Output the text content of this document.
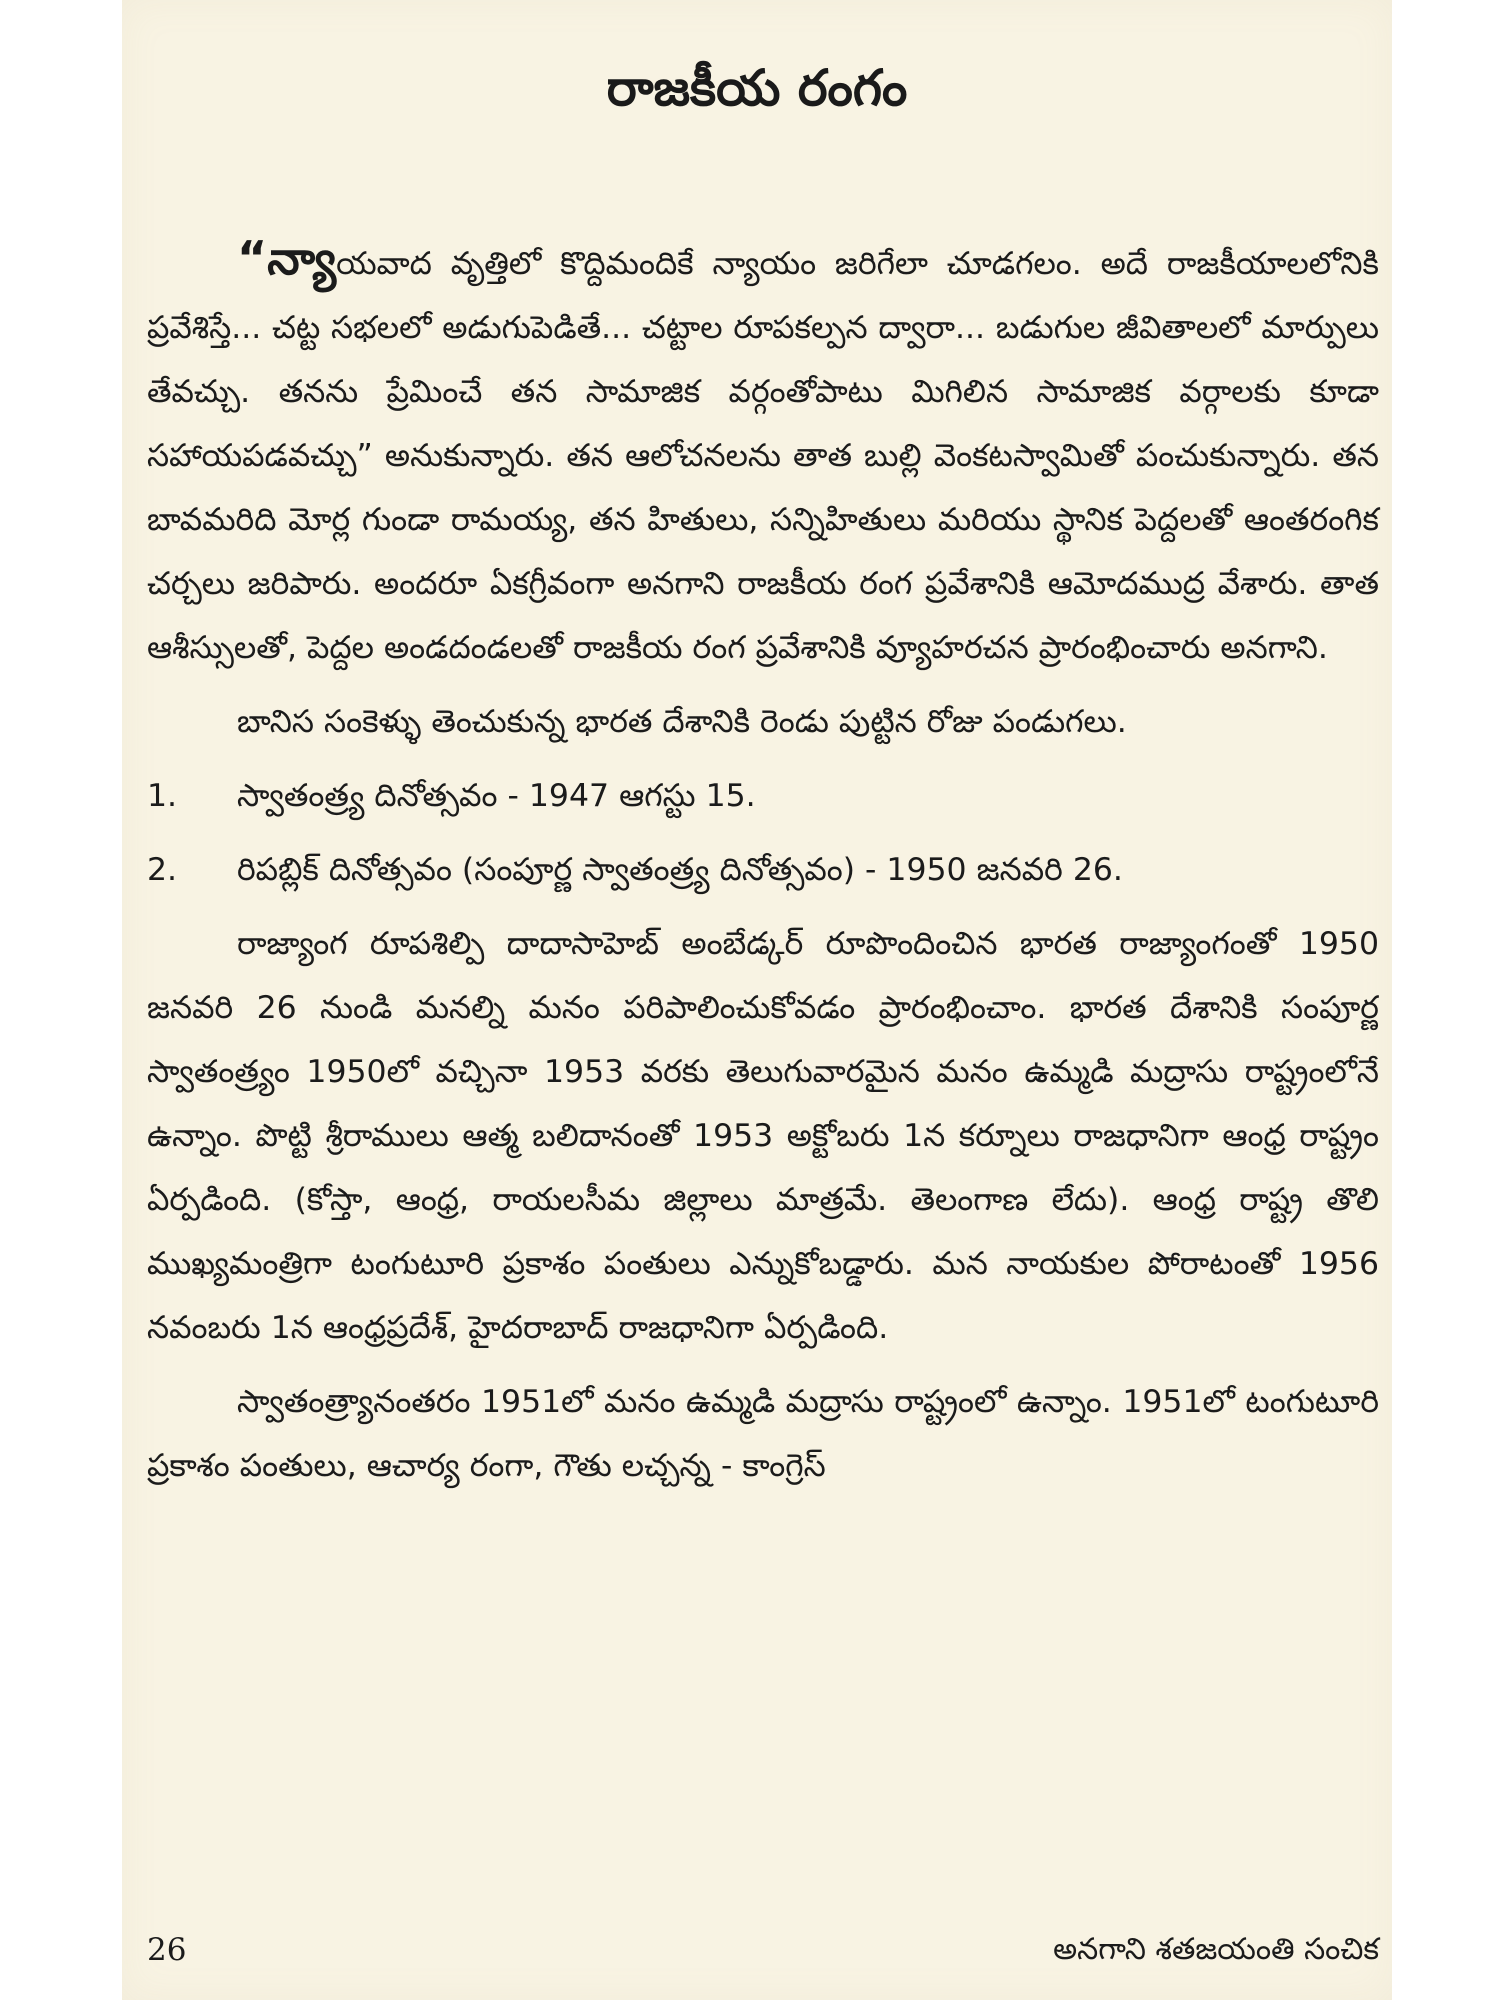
రాజకీయ రంగం

“న్యాయవాద వృత్తిలో కొద్దిమందికే న్యాయం జరిగేలా చూడగలం. అదే రాజకీయాలలోనికి ప్రవేశిస్తే... చట్ట సభలలో అడుగుపెడితే... చట్టాల రూపకల్పన ద్వారా... బడుగుల జీవితాలలో మార్పులు తేవచ్చు. తనను ప్రేమించే తన సామాజిక వర్గంతోపాటు మిగిలిన సామాజిక వర్గాలకు కూడా సహాయపడవచ్చు” అనుకున్నారు. తన ఆలోచనలను తాత బుల్లి వెంకటస్వామితో పంచుకున్నారు. తన బావమరిది మోర్ల గుండా రామయ్య, తన హితులు, సన్నిహితులు మరియు స్థానిక పెద్దలతో ఆంతరంగిక చర్చలు జరిపారు. అందరూ ఏకగ్రీవంగా అనగాని రాజకీయ రంగ ప్రవేశానికి ఆమోదముద్ర వేశారు. తాత ఆశీస్సులతో, పెద్దల అండదండలతో రాజకీయ రంగ ప్రవేశానికి వ్యూహరచన ప్రారంభించారు అనగాని.

బానిస సంకెళ్ళు తెంచుకున్న భారత దేశానికి రెండు పుట్టిన రోజు పండుగలు.

1.	స్వాతంత్ర్య దినోత్సవం - 1947 ఆగస్టు 15.
2.	రిపబ్లిక్ దినోత్సవం (సంపూర్ణ స్వాతంత్ర్య దినోత్సవం) - 1950 జనవరి 26.

రాజ్యాంగ రూపశిల్పి దాదాసాహెబ్ అంబేడ్కర్ రూపొందించిన భారత రాజ్యాంగంతో 1950 జనవరి 26 నుండి మనల్ని మనం పరిపాలించుకోవడం ప్రారంభించాం. భారత దేశానికి సంపూర్ణ స్వాతంత్ర్యం 1950లో వచ్చినా 1953 వరకు తెలుగువారమైన మనం ఉమ్మడి మద్రాసు రాష్ట్రంలోనే ఉన్నాం. పొట్టి శ్రీరాములు ఆత్మ బలిదానంతో 1953 అక్టోబరు 1న కర్నూలు రాజధానిగా ఆంధ్ర రాష్ట్రం ఏర్పడింది. (కోస్తా, ఆంధ్ర, రాయలసీమ జిల్లాలు మాత్రమే. తెలంగాణ లేదు). ఆంధ్ర రాష్ట్ర తొలి ముఖ్యమంత్రిగా టంగుటూరి ప్రకాశం పంతులు ఎన్నుకోబడ్డారు. మన నాయకుల పోరాటంతో 1956 నవంబరు 1న ఆంధ్రప్రదేశ్, హైదరాబాద్ రాజధానిగా ఏర్పడింది.

స్వాతంత్ర్యానంతరం 1951లో మనం ఉమ్మడి మద్రాసు రాష్ట్రంలో ఉన్నాం. 1951లో టంగుటూరి ప్రకాశం పంతులు, ఆచార్య రంగా, గౌతు లచ్చన్న - కాంగ్రెస్

26	అనగాని శతజయంతి సంచిక
